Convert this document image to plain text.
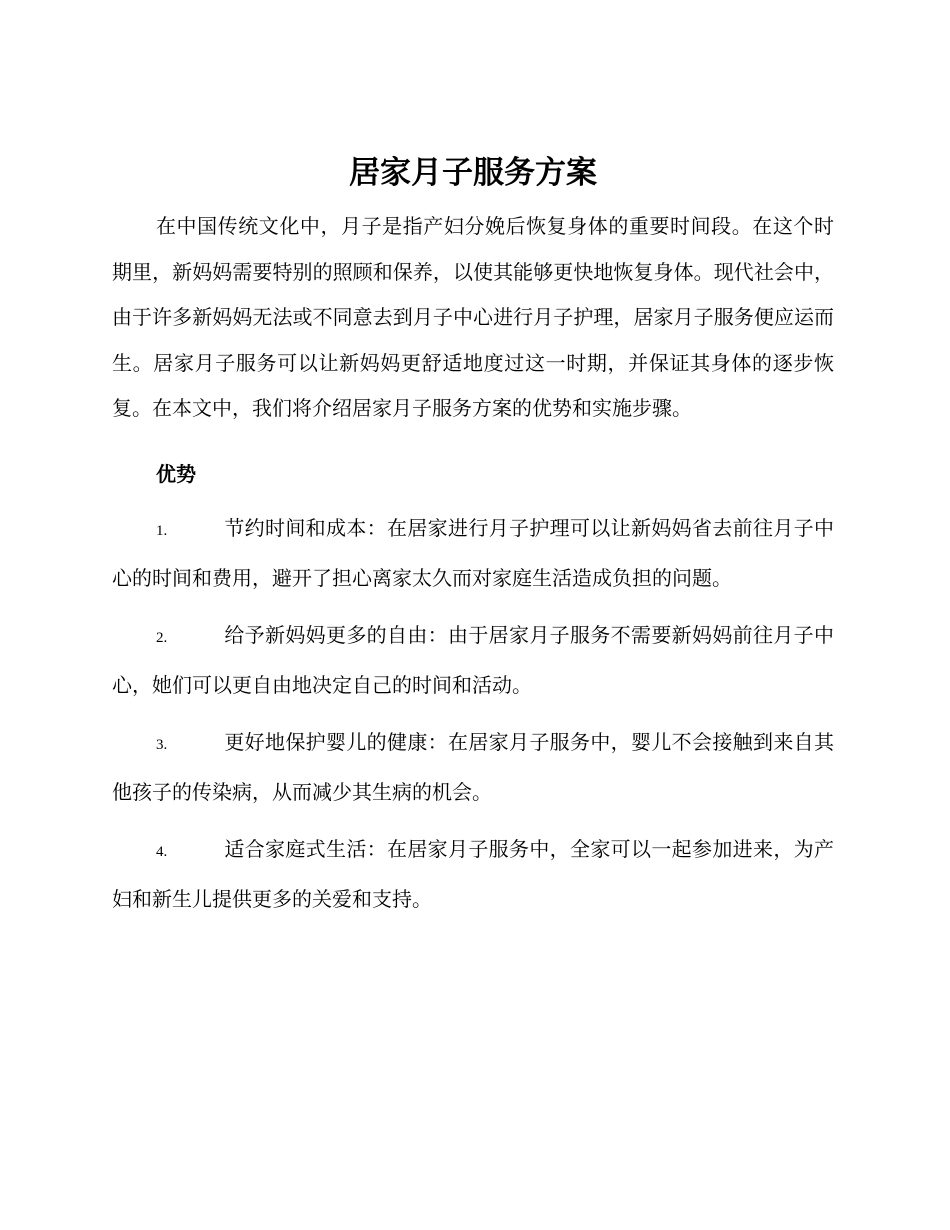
居家月子服务方案

在中国传统文化中，月子是指产妇分娩后恢复身体的重要时间段。在这个时期里，新妈妈需要特别的照顾和保养，以使其能够更快地恢复身体。现代社会中，由于许多新妈妈无法或不同意去到月子中心进行月子护理，居家月子服务便应运而生。居家月子服务可以让新妈妈更舒适地度过这一时期，并保证其身体的逐步恢复。在本文中，我们将介绍居家月子服务方案的优势和实施步骤。

优势
1.	节约时间和成本：在居家进行月子护理可以让新妈妈省去前往月子中心的时间和费用，避开了担心离家太久而对家庭生活造成负担的问题。
2.	给予新妈妈更多的自由：由于居家月子服务不需要新妈妈前往月子中心，她们可以更自由地决定自己的时间和活动。
3.	更好地保护婴儿的健康：在居家月子服务中，婴儿不会接触到来自其他孩子的传染病，从而减少其生病的机会。
4.	适合家庭式生活：在居家月子服务中，全家可以一起参加进来，为产妇和新生儿提供更多的关爱和支持。
